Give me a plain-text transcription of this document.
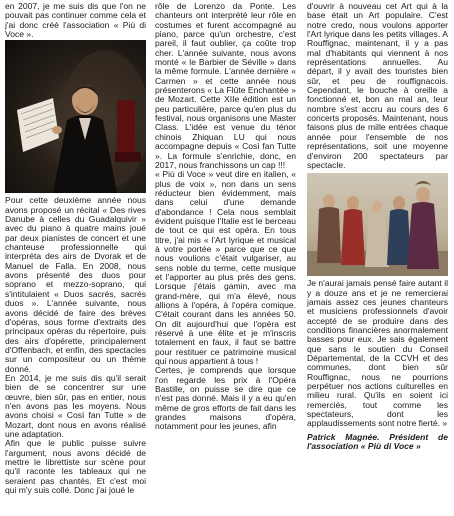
en 2007, je me suis dis que l'on ne pouvait pas continuer comme cela et j'ai donc créé l'association « Più di Voce ».

Pour cette deuxième année nous avons proposé un récital « Des rives Danube à celles du Guadalquivir » avec du piano à quatre mains joué par deux pianistes de concert et une chanteuse professionnelle qui interpréta des airs de Dvorak et de Manuel de Falla. En 2008, nous avons présenté des duos pour soprano et mezzo-soprano, qui s'intitulaient « Duos sacrés, sacrés duos ». L'année suivante, nous avons décidé de faire des brèves d'opéras, sous forme d'extraits des principaux opéras du répertoire, puis des airs d'opérette, principalement d'Offenbach, et enfin, des spectacles sur un compositeur ou un thème donné.

En 2014, je me suis dis qu'il serait bien de se concentrer sur une œuvre, bien sûr, pas en entier, nous n'en avons pas les moyens. Nous avons choisi « Così fan Tutte » de Mozart, dont nous en avons réalisé une adaptation.

Afin que le public puisse suivre l'argument, nous avons décidé de mettre le librettiste sur scène pour qu'il raconte les tableaux qui ne seraient pas chantés. Et c'est moi qui m'y suis collé. Donc j'ai joué le

rôle de Lorenzo da Ponte. Les chanteurs ont interprété leur rôle en costumes et furent accompagné au piano, parce qu'un orchestre, c'est pareil, il faut oublier, ça coûte trop cher. L'année suivante, nous avons monté « le Barbier de Séville » dans la même formule. L'année dernière « Carmen » et cette année nous présenterons « La Flûte Enchantée » de Mozart. Cette XIIe édition est un peu particulière, parce qu'en plus du festival, nous organisons une Master Class. L'idée est venue du ténor chinois Zhiquan LU qui nous accompagne depuis « Così fan Tutte ». La formule s'enrichie, donc, en 2017, nous franchissons un cap !!!

« Più di Voce » veut dire en italien, « plus de voix », non dans un sens réducteur bien évidemment, mais dans celui d'une demande d'abondance ! Cela nous semblait évident puisque l'Italie est le berceau de tout ce qui est opéra. En tous titre, j'ai mis « l'Art lyrique et musical à votre portée » parce que ce que nous voulions c'était vulgariser, au sens noble du terme, cette musique et l'apporter au plus près des gens. Lorsque j'étais gamin, avec ma grand-mère, qui m'a élevé, nous allions à l'opéra, à l'opéra comique. C'était courant dans les années 50. On dit aujourd'hui que l'opéra est réservé à une élite et je m'inscris totalement en faux, il faut se battre pour restituer ce patrimoine musical qui nous appartient à tous !

Certes, je comprends que lorsque l'on regarde les prix à l'Opéra Bastille, on puisse se dire que ce n'est pas donné. Mais il y a eu qu'en même de gros efforts de fait dans les grandes maisons d'opéra, notamment pour les jeunes, afin

d'ouvrir à nouveau cet Art qui à la base était un Art populaire. C'est notre credo, nous voulons apporter l'Art lyrique dans les petits villages. A Rouffignac, maintenant, il y a pas mal d'habitants qui viennent à nos représentations annuelles. Au départ, il y avait des touristes bien sûr, et peu de rouffignacois. Cependant, le bouche à oreille a fonctionné et, bon an mal an, leur nombre s'est accru au cours des 6 concerts proposés. Maintenant, nous faisons plus de mille entrées chaque année pour l'ensemble de nos représentations, soit une moyenne d'environ 200 spectateurs par spectacle.

Je n'aurai jamais pensé faire autant il y a douze ans et je ne remercierai jamais assez ces jeunes chanteurs et musiciens professionnels d'avoir accepté de se produire dans des conditions financières anormalement basses pour eux. Je sais également que sans le soutien du Conseil Départemental, de la CCVH et des communes, dont bien sûr Rouffignac, nous ne pourrions perpétuer nos actions culturelles en milieu rural. Qu'ils en soient ici remerciés, tout comme les spectateurs, dont les applaudissements sont notre fierté. »

Patrick Magnée. Président de l'association « Più di Voce »
